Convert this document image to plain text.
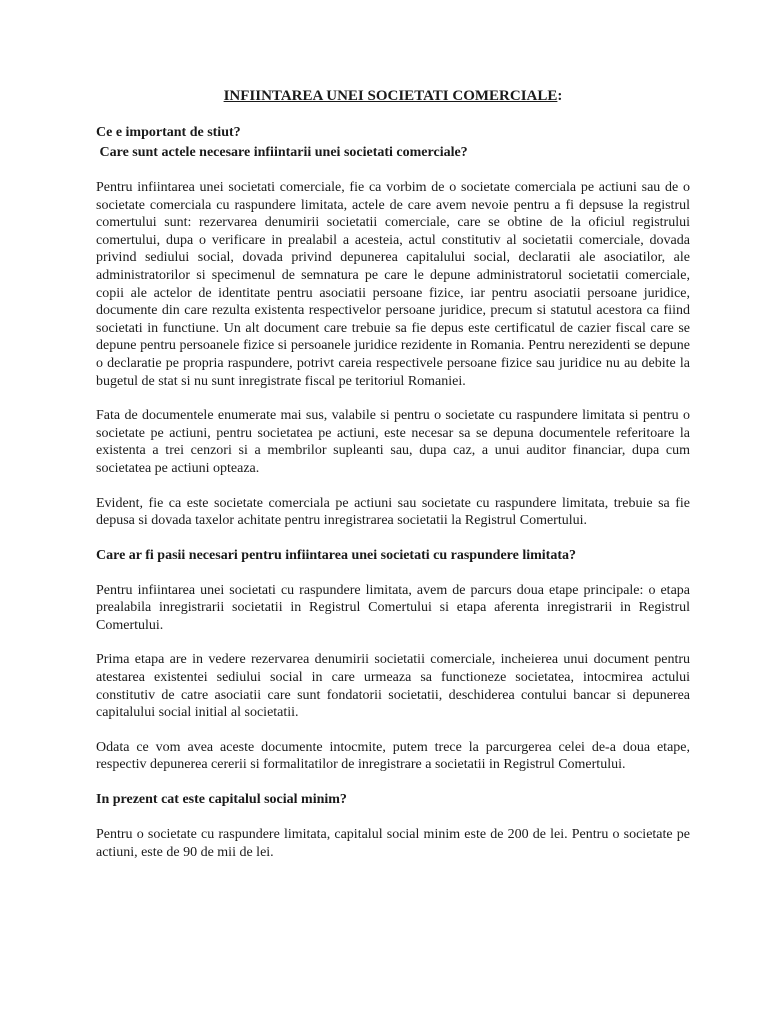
INFIINTAREA UNEI SOCIETATI COMERCIALE:

Ce e important de stiut?

Care sunt actele necesare infiintarii unei societati comerciale?

Pentru infiintarea unei societati comerciale, fie ca vorbim de o societate comerciala pe actiuni sau de o societate comerciala cu raspundere limitata, actele de care avem nevoie pentru a fi depsuse la registrul comertului sunt: rezervarea denumirii societatii comerciale, care se obtine de la oficiul registrului comertului, dupa o verificare in prealabil a acesteia, actul constitutiv al societatii comerciale, dovada privind sediului social, dovada privind depunerea capitalului social, declaratii ale asociatilor, ale administratorilor si specimenul de semnatura pe care le depune administratorul societatii comerciale, copii ale actelor de identitate pentru asociatii persoane fizice, iar pentru asociatii persoane juridice, documente din care rezulta existenta respectivelor persoane juridice, precum si statutul acestora ca fiind societati in functiune. Un alt document care trebuie sa fie depus este certificatul de cazier fiscal care se depune pentru persoanele fizice si persoanele juridice rezidente in Romania. Pentru nerezidenti se depune o declaratie pe propria raspundere, potrivt careia respectivele persoane fizice sau juridice nu au debite la bugetul de stat si nu sunt inregistrate fiscal pe teritoriul Romaniei.

Fata de documentele enumerate mai sus, valabile si pentru o societate cu raspundere limitata si pentru o societate pe actiuni, pentru societatea pe actiuni, este necesar sa se depuna documentele referitoare la existenta a trei cenzori si a membrilor supleanti sau, dupa caz, a unui auditor financiar, dupa cum societatea pe actiuni opteaza.

Evident, fie ca este societate comerciala pe actiuni sau societate cu raspundere limitata, trebuie sa fie depusa si dovada taxelor achitate pentru inregistrarea societatii la Registrul Comertului.

Care ar fi pasii necesari pentru infiintarea unei societati cu raspundere limitata?

Pentru infiintarea unei societati cu raspundere limitata, avem de parcurs doua etape principale: o etapa prealabila inregistrarii societatii in Registrul Comertului si etapa aferenta inregistrarii in Registrul Comertului.

Prima etapa are in vedere rezervarea denumirii societatii comerciale, incheierea unui document pentru atestarea existentei sediului social in care urmeaza sa functioneze societatea, intocmirea actului constitutiv de catre asociatii care sunt fondatorii societatii, deschiderea contului bancar si depunerea capitalului social initial al societatii.

Odata ce vom avea aceste documente intocmite, putem trece la parcurgerea celei de-a doua etape, respectiv depunerea cererii si formalitatilor de inregistrare a societatii in Registrul Comertului.

In prezent cat este capitalul social minim?

Pentru o societate cu raspundere limitata, capitalul social minim este de 200 de lei. Pentru o societate pe actiuni, este de 90 de mii de lei.
